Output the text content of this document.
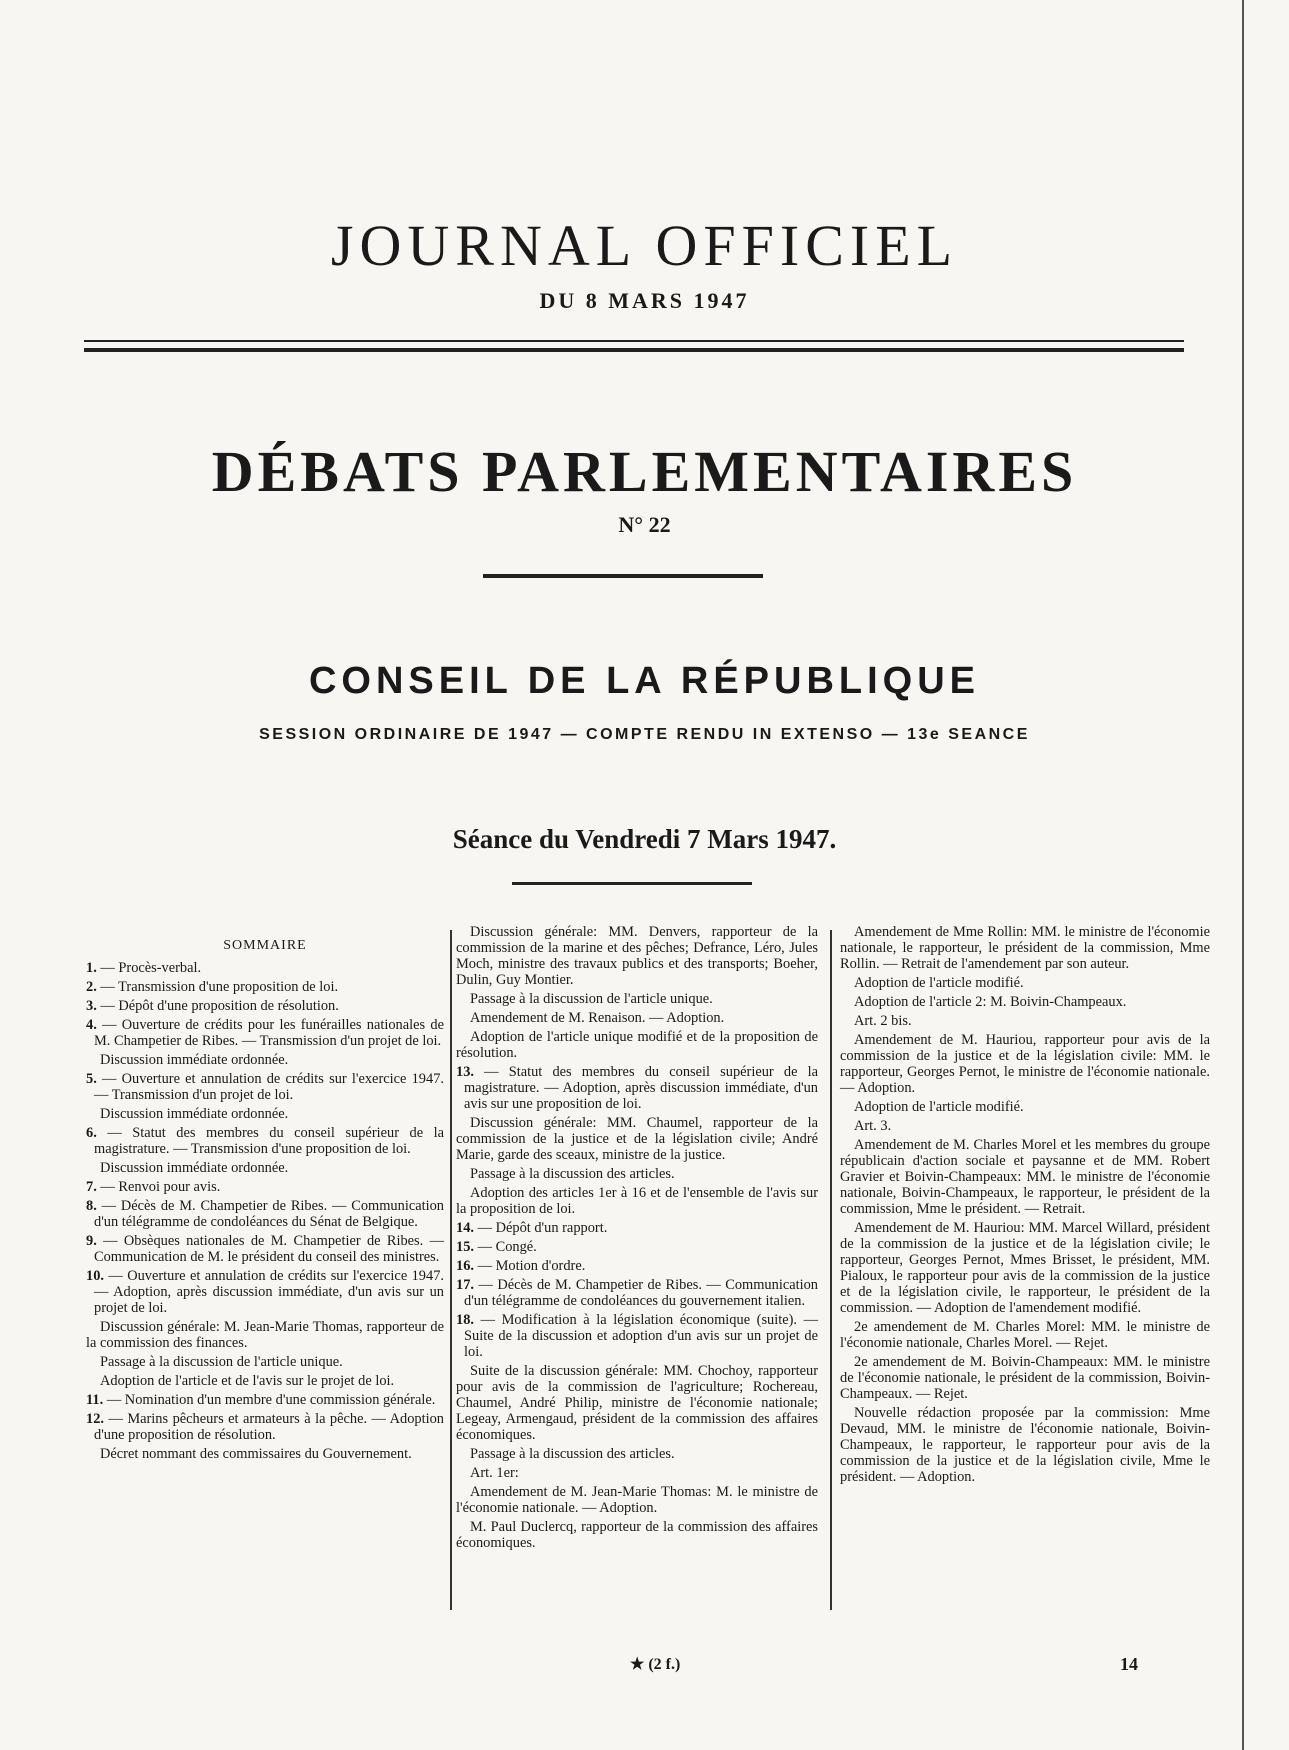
JOURNAL OFFICIEL
DU 8 MARS 1947
DÉBATS PARLEMENTAIRES
N° 22
CONSEIL DE LA RÉPUBLIQUE
SESSION ORDINAIRE DE 1947 — COMPTE RENDU IN EXTENSO — 13e SEANCE
Séance du Vendredi 7 Mars 1947.
SOMMAIRE
1. — Procès-verbal.
2. — Transmission d'une proposition de loi.
3. — Dépôt d'une proposition de résolution.
4. — Ouverture de crédits pour les funérailles nationales de M. Champetier de Ribes. — Transmission d'un projet de loi.
Discussion immédiate ordonnée.
5. — Ouverture et annulation de crédits sur l'exercice 1947. — Transmission d'un projet de loi.
Discussion immédiate ordonnée.
6. — Statut des membres du conseil supérieur de la magistrature. — Transmission d'une proposition de loi.
Discussion immédiate ordonnée.
7. — Renvoi pour avis.
8. — Décès de M. Champetier de Ribes. — Communication d'un télégramme de condoléances du Sénat de Belgique.
9. — Obsèques nationales de M. Champetier de Ribes. — Communication de M. le président du conseil des ministres.
10. — Ouverture et annulation de crédits sur l'exercice 1947. — Adoption, après discussion immédiate, d'un avis sur un projet de loi.
Discussion générale: M. Jean-Marie Thomas, rapporteur de la commission des finances.
Passage à la discussion de l'article unique.
Adoption de l'article et de l'avis sur le projet de loi.
11. — Nomination d'un membre d'une commission générale.
12. — Marins pêcheurs et armateurs à la pêche. — Adoption d'une proposition de résolution.
Décret nommant des commissaires du Gouvernement.
Discussion générale: MM. Denvers, rapporteur de la commission de la marine et des pêches; Defrance, Léro, Jules Moch, ministre des travaux publics et des transports; Boeher, Dulin, Guy Montier.
Passage à la discussion de l'article unique.
Amendement de M. Renaison. — Adoption.
Adoption de l'article unique modifié et de la proposition de résolution.
13. — Statut des membres du conseil supérieur de la magistrature. — Adoption, après discussion immédiate, d'un avis sur une proposition de loi.
Discussion générale: MM. Chaumel, rapporteur de la commission de la justice et de la législation civile; André Marie, garde des sceaux, ministre de la justice.
Passage à la discussion des articles.
Adoption des articles 1er à 16 et de l'ensemble de l'avis sur la proposition de loi.
14. — Dépôt d'un rapport.
15. — Congé.
16. — Motion d'ordre.
17. — Décès de M. Champetier de Ribes. — Communication d'un télégramme de condoléances du gouvernement italien.
18. — Modification à la législation économique (suite). — Suite de la discussion et adoption d'un avis sur un projet de loi.
Suite de la discussion générale: MM. Chochoy, rapporteur pour avis de la commission de l'agriculture; Rochereau, Chaumel, André Philip, ministre de l'économie nationale; Legeay, Armengaud, président de la commission des affaires économiques.
Passage à la discussion des articles.
Art. 1er:
Amendement de M. Jean-Marie Thomas: M. le ministre de l'économie nationale. — Adoption.
M. Paul Duclercq, rapporteur de la commission des affaires économiques.
Amendement de Mme Rollin: MM. le ministre de l'économie nationale, le rapporteur, le président de la commission, Mme Rollin. — Retrait de l'amendement par son auteur.
Adoption de l'article modifié.
Adoption de l'article 2: M. Boivin-Champeaux.
Art. 2 bis.
Amendement de M. Hauriou, rapporteur pour avis de la commission de la justice et de la législation civile: MM. le rapporteur, Georges Pernot, le ministre de l'économie nationale. — Adoption.
Adoption de l'article modifié.
Art. 3.
Amendement de M. Charles Morel et les membres du groupe républicain d'action sociale et paysanne et de MM. Robert Gravier et Boivin-Champeaux: MM. le ministre de l'économie nationale, Boivin-Champeaux, le rapporteur, le président de la commission, Mme le président. — Retrait.
Amendement de M. Hauriou: MM. Marcel Willard, président de la commission de la justice et de la législation civile; le rapporteur, Georges Pernot, Mmes Brisset, le président, MM. Pialoux, le rapporteur pour avis de la commission de la justice et de la législation civile, le rapporteur, le président de la commission. — Adoption de l'amendement modifié.
2e amendement de M. Charles Morel: MM. le ministre de l'économie nationale, Charles Morel. — Rejet.
2e amendement de M. Boivin-Champeaux: MM. le ministre de l'économie nationale, le président de la commission, Boivin-Champeaux. — Rejet.
Nouvelle rédaction proposée par la commission: Mme Devaud, MM. le ministre de l'économie nationale, Boivin-Champeaux, le rapporteur, le rapporteur pour avis de la commission de la justice et de la législation civile, Mme le président. — Adoption.
★ (2 f.)	14
